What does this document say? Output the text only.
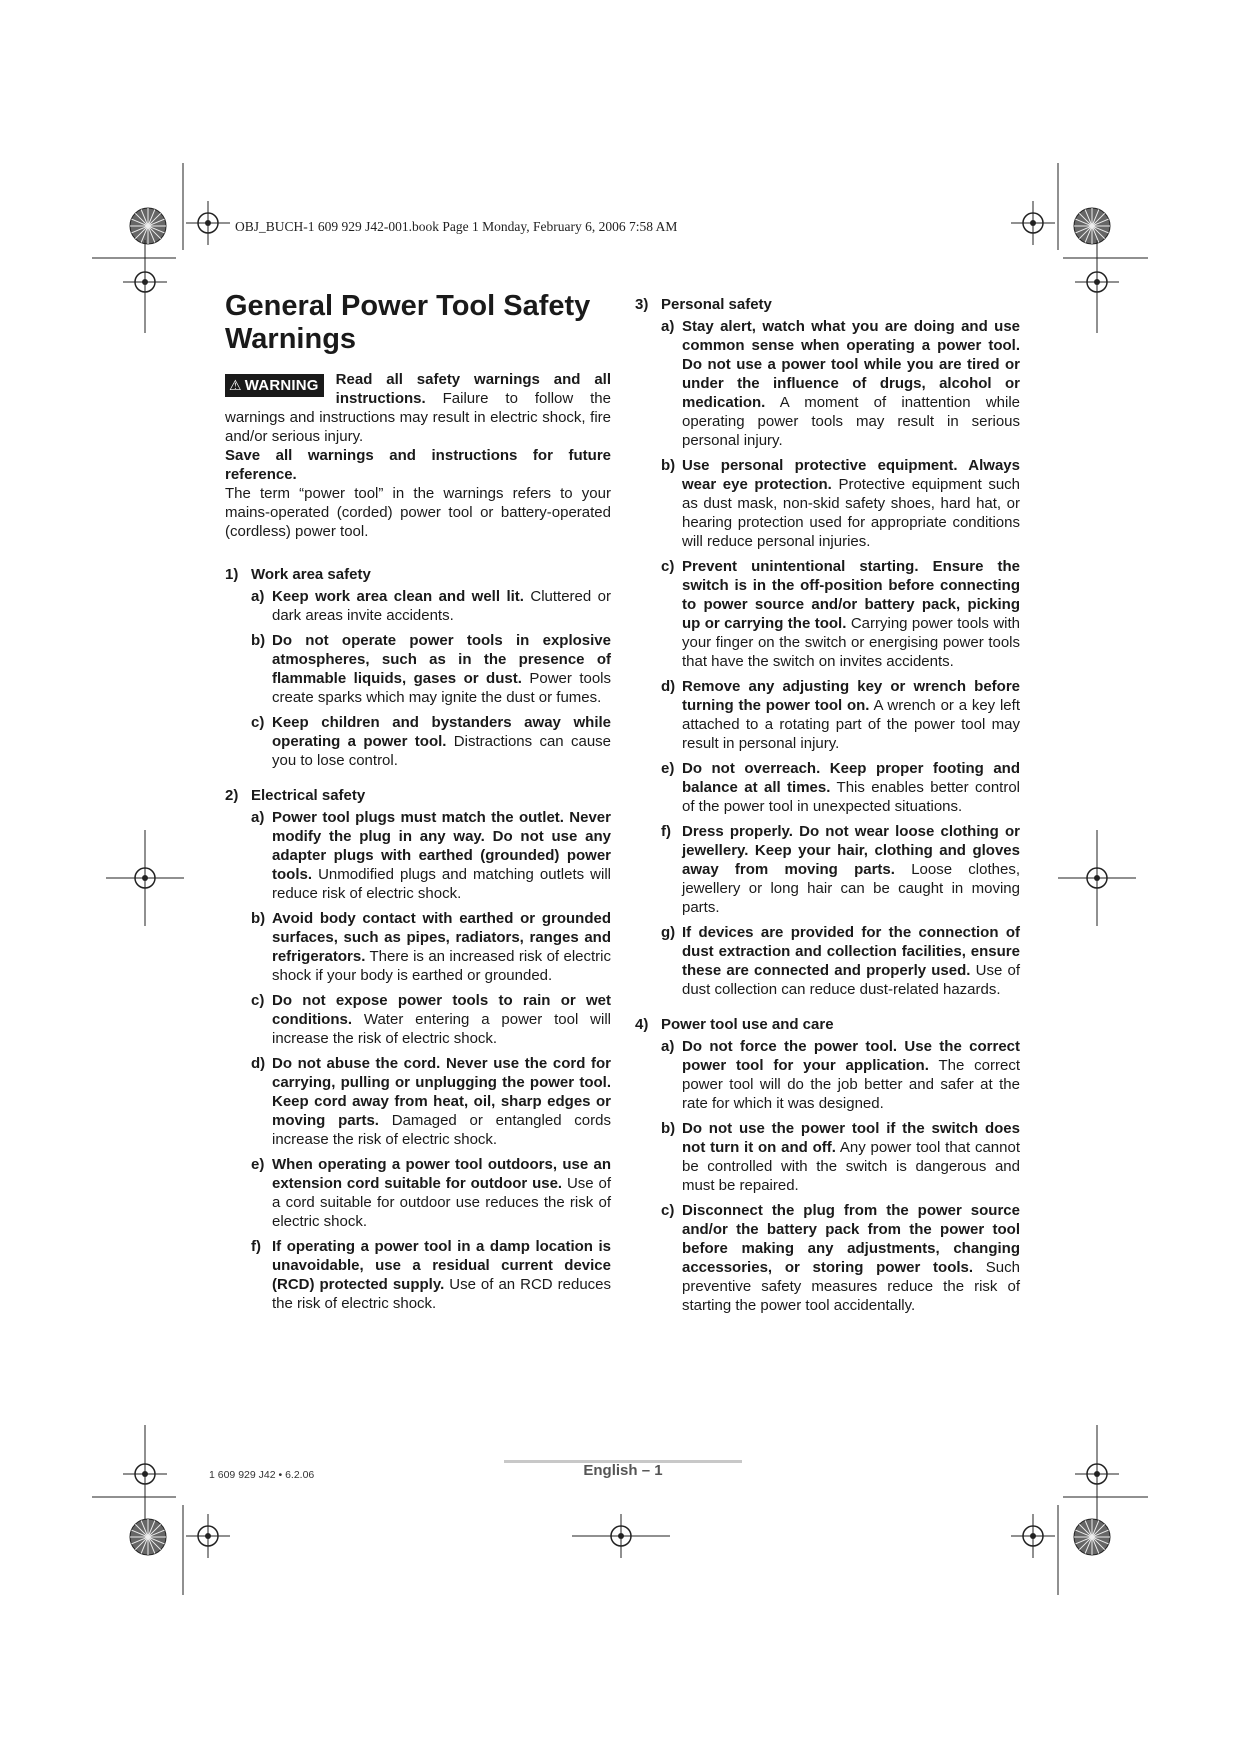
OBJ_BUCH-1 609 929 J42-001.book Page 1 Monday, February 6, 2006 7:58 AM
General Power Tool Safety Warnings

⚠ WARNING	Read all safety warnings and all instructions. Failure to follow the warnings and instructions may result in electric shock, fire and/or serious injury.

Save all warnings and instructions for future reference.

The term “power tool” in the warnings refers to your mains-operated (corded) power tool or battery-operated (cordless) power tool.

1) Work area safety
a) Keep work area clean and well lit. Cluttered or dark areas invite accidents.
b) Do not operate power tools in explosive atmospheres, such as in the presence of flammable liquids, gases or dust. Power tools create sparks which may ignite the dust or fumes.
c) Keep children and bystanders away while operating a power tool. Distractions can cause you to lose control.
2) Electrical safety
a) Power tool plugs must match the outlet. Never modify the plug in any way. Do not use any adapter plugs with earthed (grounded) power tools. Unmodified plugs and matching outlets will reduce risk of electric shock.
b) Avoid body contact with earthed or grounded surfaces, such as pipes, radiators, ranges and refrigerators. There is an increased risk of electric shock if your body is earthed or grounded.
c) Do not expose power tools to rain or wet conditions. Water entering a power tool will increase the risk of electric shock.
d) Do not abuse the cord. Never use the cord for carrying, pulling or unplugging the power tool. Keep cord away from heat, oil, sharp edges or moving parts. Damaged or entangled cords increase the risk of electric shock.
e) When operating a power tool outdoors, use an extension cord suitable for outdoor use. Use of a cord suitable for outdoor use reduces the risk of electric shock.
f) If operating a power tool in a damp location is unavoidable, use a residual current device (RCD) protected supply. Use of an RCD reduces the risk of electric shock.
3) Personal safety
a) Stay alert, watch what you are doing and use common sense when operating a power tool. Do not use a power tool while you are tired or under the influence of drugs, alcohol or medication. A moment of inattention while operating power tools may result in serious personal injury.
b) Use personal protective equipment. Always wear eye protection. Protective equipment such as dust mask, non-skid safety shoes, hard hat, or hearing protection used for appropriate conditions will reduce personal injuries.
c) Prevent unintentional starting. Ensure the switch is in the off-position before connecting to power source and/or battery pack, picking up or carrying the tool. Carrying power tools with your finger on the switch or energising power tools that have the switch on invites accidents.
d) Remove any adjusting key or wrench before turning the power tool on. A wrench or a key left attached to a rotating part of the power tool may result in personal injury.
e) Do not overreach. Keep proper footing and balance at all times. This enables better control of the power tool in unexpected situations.
f) Dress properly. Do not wear loose clothing or jewellery. Keep your hair, clothing and gloves away from moving parts. Loose clothes, jewellery or long hair can be caught in moving parts.
g) If devices are provided for the connection of dust extraction and collection facilities, ensure these are connected and properly used. Use of dust collection can reduce dust-related hazards.
4) Power tool use and care
a) Do not force the power tool. Use the correct power tool for your application. The correct power tool will do the job better and safer at the rate for which it was designed.
b) Do not use the power tool if the switch does not turn it on and off. Any power tool that cannot be controlled with the switch is dangerous and must be repaired.
c) Disconnect the plug from the power source and/or the battery pack from the power tool before making any adjustments, changing accessories, or storing power tools. Such preventive safety measures reduce the risk of starting the power tool accidentally.
1 609 929 J42 • 6.2.06	English – 1
